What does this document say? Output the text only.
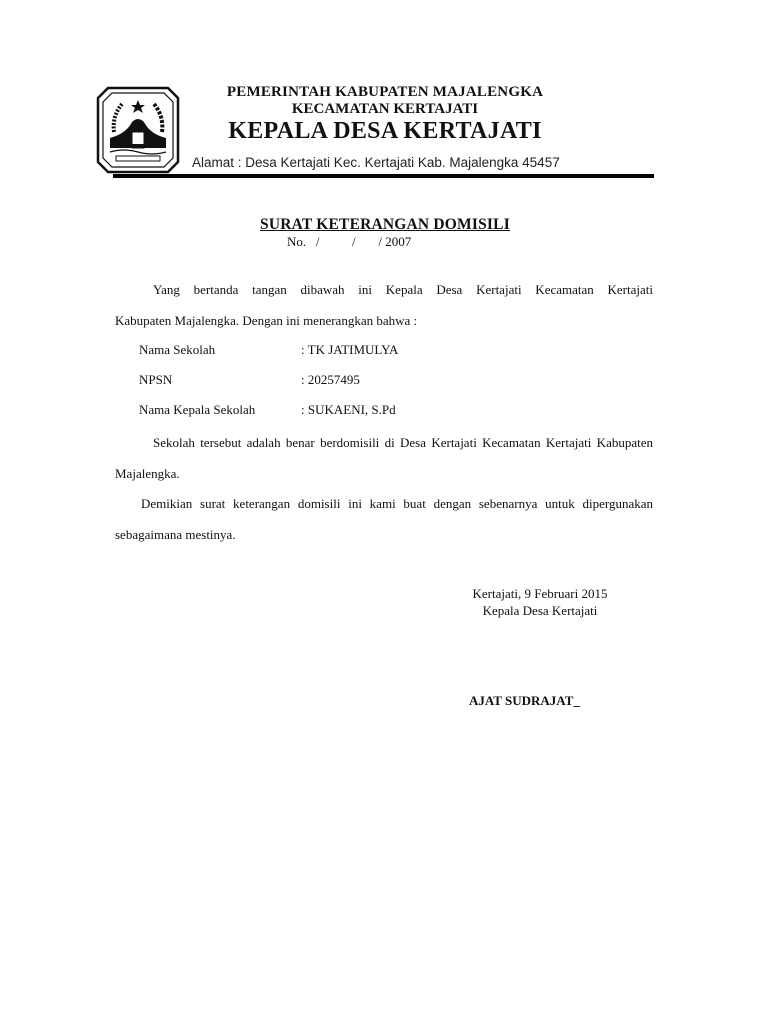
PEMERINTAH KABUPATEN MAJALENGKA
KECAMATAN KERTAJATI
KEPALA DESA KERTAJATI
Alamat : Desa Kertajati Kec. Kertajati Kab. Majalengka 45457
SURAT KETERANGAN DOMISILI
No.   /          /       / 2007
Yang bertanda tangan dibawah ini Kepala Desa Kertajati Kecamatan Kertajati
Kabupaten Majalengka. Dengan ini menerangkan bahwa :
Nama Sekolah	: TK JATIMULYA
NPSN	: 20257495
Nama Kepala Sekolah	: SUKAENI, S.Pd
Sekolah tersebut adalah benar berdomisili di Desa Kertajati Kecamatan Kertajati Kabupaten Majalengka.
Demikian surat keterangan domisili ini kami buat dengan sebenarnya untuk dipergunakan sebagaimana mestinya.
Kertajati, 9 Februari 2015
Kepala Desa Kertajati
AJAT SUDRAJAT_
